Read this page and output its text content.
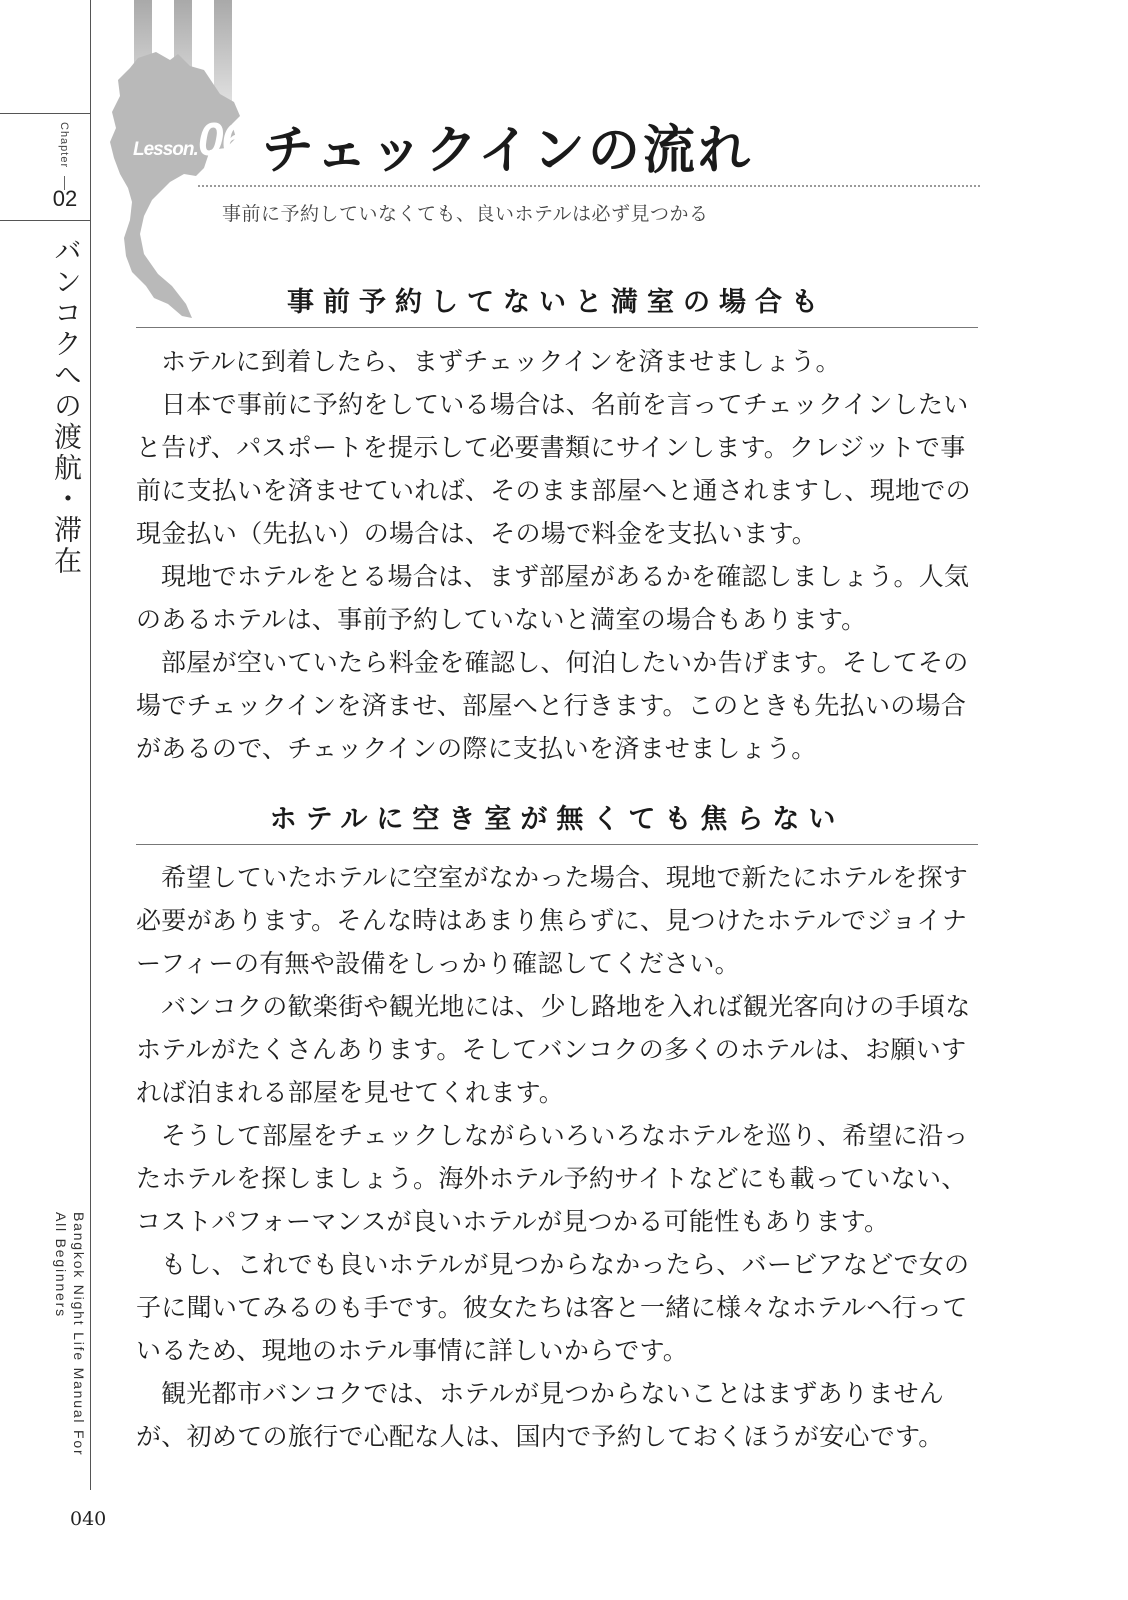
Chapter
02
バンコクへの渡航・滞在
Bangkok Night Life Manual For All Beginners
040
Lesson.06 チェックインの流れ
事前に予約していなくても、良いホテルは必ず見つかる
事前予約してないと満室の場合も

ホテルに到着したら、まずチェックインを済ませましょう。

日本で事前に予約をしている場合は、名前を言ってチェックインしたいと告げ、パスポートを提示して必要書類にサインします。クレジットで事前に支払いを済ませていれば、そのまま部屋へと通されますし、現地での現金払い（先払い）の場合は、その場で料金を支払います。

現地でホテルをとる場合は、まず部屋があるかを確認しましょう。人気のあるホテルは、事前予約していないと満室の場合もあります。

部屋が空いていたら料金を確認し、何泊したいか告げます。そしてその場でチェックインを済ませ、部屋へと行きます。このときも先払いの場合があるので、チェックインの際に支払いを済ませましょう。

ホテルに空き室が無くても焦らない

希望していたホテルに空室がなかった場合、現地で新たにホテルを探す必要があります。そんな時はあまり焦らずに、見つけたホテルでジョイナーフィーの有無や設備をしっかり確認してください。

バンコクの歓楽街や観光地には、少し路地を入れば観光客向けの手頃なホテルがたくさんあります。そしてバンコクの多くのホテルは、お願いすれば泊まれる部屋を見せてくれます。

そうして部屋をチェックしながらいろいろなホテルを巡り、希望に沿ったホテルを探しましょう。海外ホテル予約サイトなどにも載っていない、コストパフォーマンスが良いホテルが見つかる可能性もあります。

もし、これでも良いホテルが見つからなかったら、バービアなどで女の子に聞いてみるのも手です。彼女たちは客と一緒に様々なホテルへ行っているため、現地のホテル事情に詳しいからです。

観光都市バンコクでは、ホテルが見つからないことはまずありませんが、初めての旅行で心配な人は、国内で予約しておくほうが安心です。
